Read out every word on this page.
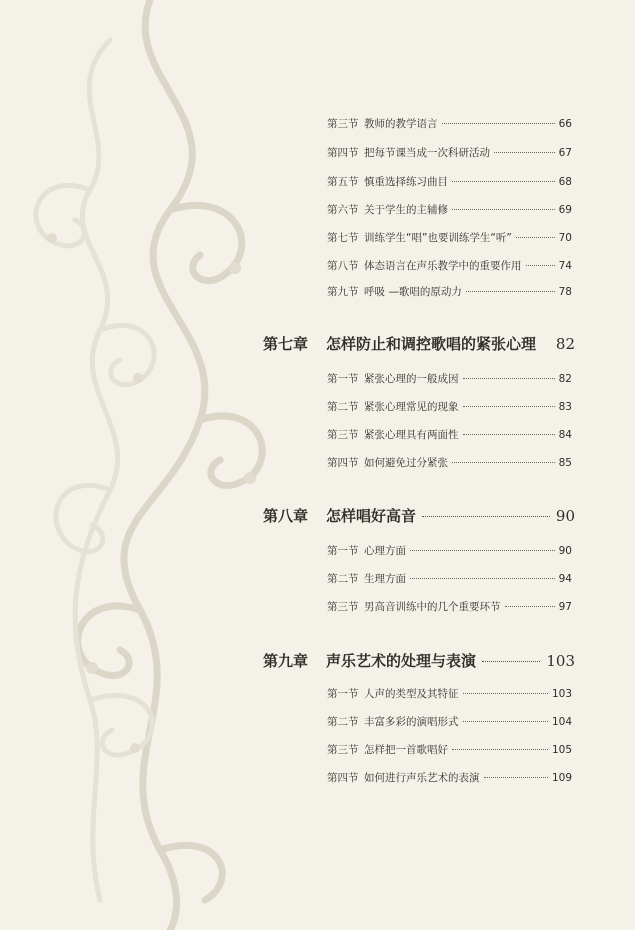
第三节 教师的教学语言	66
第四节 把每节课当成一次科研活动	67
第五节 慎重选择练习曲目	68
第六节 关于学生的主辅修	69
第七节 训练学生“唱”也要训练学生“听”	70
第八节 体态语言在声乐教学中的重要作用	74
第九节 呼吸 —歌唱的原动力	78
第七章	怎样防止和调控歌唱的紧张心理 82
第一节 紧张心理的一般成因	82
第二节 紧张心理常见的现象	83
第三节 紧张心理具有两面性	84
第四节 如何避免过分紧张	85
第八章	怎样唱好高音	90
第一节 心理方面	90
第二节 生理方面	94
第三节 男高音训练中的几个重要环节	97
第九章	声乐艺术的处理与表演	103
第一节 人声的类型及其特征	103
第二节 丰富多彩的演唱形式	104
第三节 怎样把一首歌唱好	105
第四节 如何进行声乐艺术的表演	109
